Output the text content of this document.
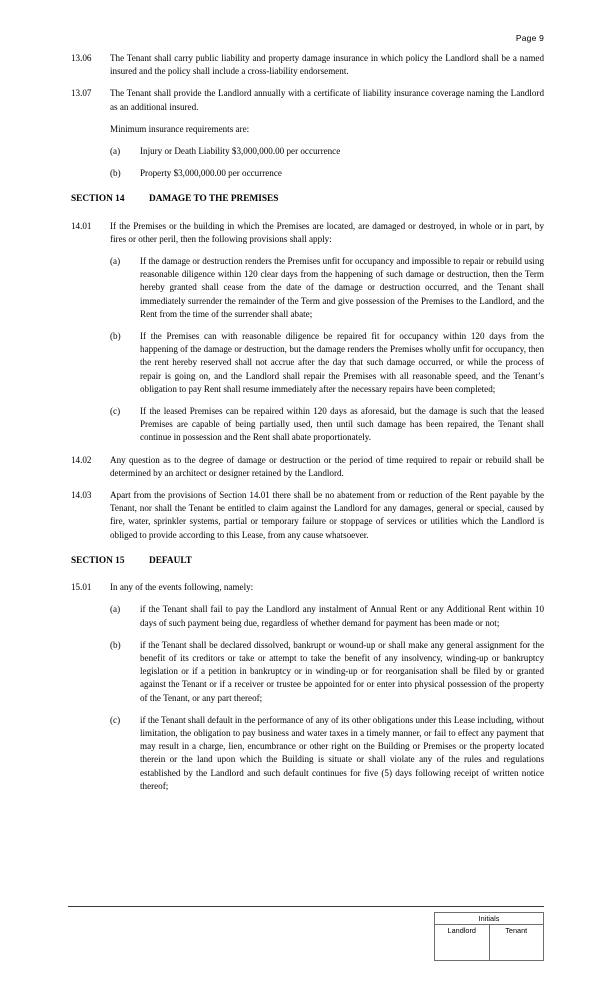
Page 9
13.06	The Tenant shall carry public liability and property damage insurance in which policy the Landlord shall be a named insured and the policy shall include a cross-liability endorsement.
13.07	The Tenant shall provide the Landlord annually with a certificate of liability insurance coverage naming the Landlord as an additional insured.
Minimum insurance requirements are:
(a)	Injury or Death Liability $3,000,000.00 per occurrence
(b)	Property $3,000,000.00 per occurrence
SECTION 14	DAMAGE TO THE PREMISES
14.01	If the Premises or the building in which the Premises are located, are damaged or destroyed, in whole or in part, by fires or other peril, then the following provisions shall apply:
(a)	If the damage or destruction renders the Premises unfit for occupancy and impossible to repair or rebuild using reasonable diligence within 120 clear days from the happening of such damage or destruction, then the Term hereby granted shall cease from the date of the damage or destruction occurred, and the Tenant shall immediately surrender the remainder of the Term and give possession of the Premises to the Landlord, and the Rent from the time of the surrender shall abate;
(b)	If the Premises can with reasonable diligence be repaired fit for occupancy within 120 days from the happening of the damage or destruction, but the damage renders the Premises wholly unfit for occupancy, then the rent hereby reserved shall not accrue after the day that such damage occurred, or while the process of repair is going on, and the Landlord shall repair the Premises with all reasonable speed, and the Tenant’s obligation to pay Rent shall resume immediately after the necessary repairs have been completed;
(c)	If the leased Premises can be repaired within 120 days as aforesaid, but the damage is such that the leased Premises are capable of being partially used, then until such damage has been repaired, the Tenant shall continue in possession and the Rent shall abate proportionately.
14.02	Any question as to the degree of damage or destruction or the period of time required to repair or rebuild shall be determined by an architect or designer retained by the Landlord.
14.03	Apart from the provisions of Section 14.01 there shall be no abatement from or reduction of the Rent payable by the Tenant, nor shall the Tenant be entitled to claim against the Landlord for any damages, general or special, caused by fire, water, sprinkler systems, partial or temporary failure or stoppage of services or utilities which the Landlord is obliged to provide according to this Lease, from any cause whatsoever.
SECTION 15	DEFAULT
15.01	In any of the events following, namely:
(a)	if the Tenant shall fail to pay the Landlord any instalment of Annual Rent or any Additional Rent within 10 days of such payment being due, regardless of whether demand for payment has been made or not;
(b)	if the Tenant shall be declared dissolved, bankrupt or wound-up or shall make any general assignment for the benefit of its creditors or take or attempt to take the benefit of any insolvency, winding-up or bankruptcy legislation or if a petition in bankruptcy or in winding-up or for reorganisation shall be filed by or granted against the Tenant or if a receiver or trustee be appointed for or enter into physical possession of the property of the Tenant, or any part thereof;
(c)	if the Tenant shall default in the performance of any of its other obligations under this Lease including, without limitation, the obligation to pay business and water taxes in a timely manner, or fail to effect any payment that may result in a charge, lien, encumbrance or other right on the Building or Premises or the property located therein or the land upon which the Building is situate or shall violate any of the rules and regulations established by the Landlord and such default continues for five (5) days following receipt of written notice thereof;
Initials
Landlord	Tenant
